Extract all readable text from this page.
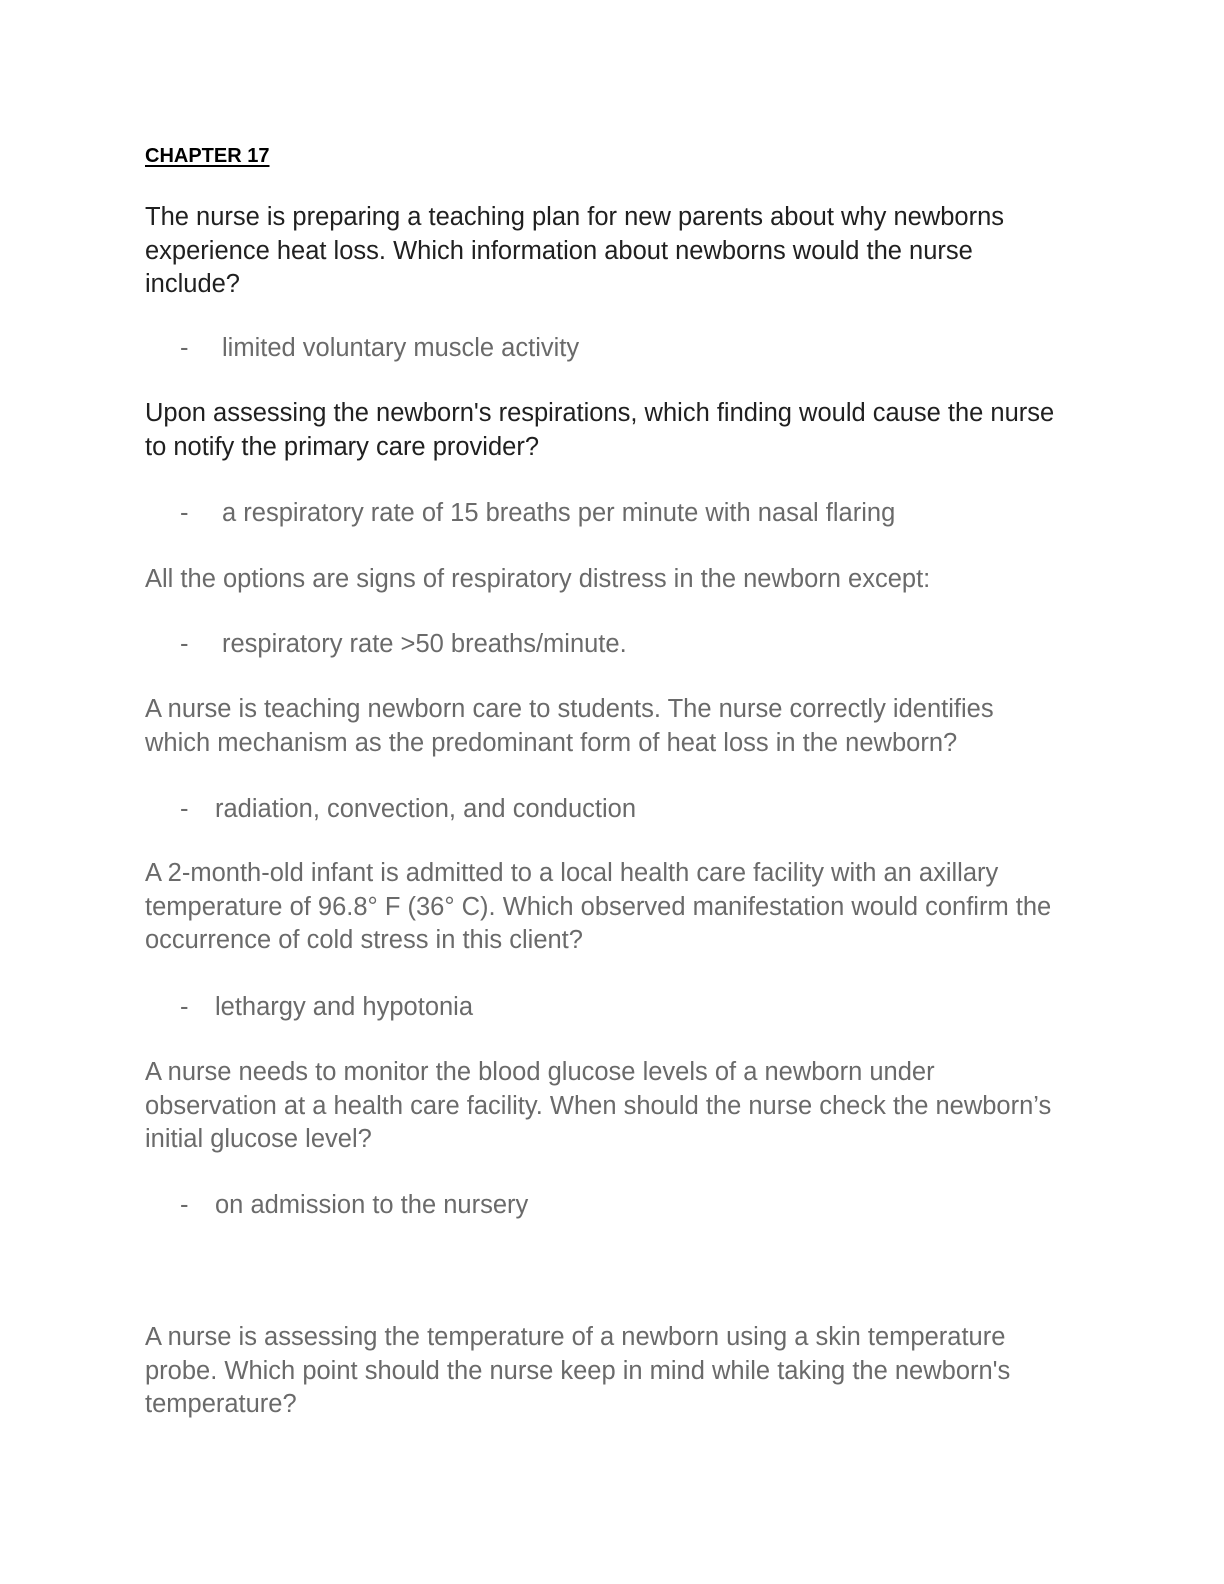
CHAPTER 17

The nurse is preparing a teaching plan for new parents about why newborns experience heat loss. Which information about newborns would the nurse include?

- limited voluntary muscle activity

Upon assessing the newborn's respirations, which finding would cause the nurse to notify the primary care provider?

- a respiratory rate of 15 breaths per minute with nasal flaring

All the options are signs of respiratory distress in the newborn except:

- respiratory rate >50 breaths/minute.

A nurse is teaching newborn care to students. The nurse correctly identifies which mechanism as the predominant form of heat loss in the newborn?

- radiation, convection, and conduction

A 2-month-old infant is admitted to a local health care facility with an axillary temperature of 96.8° F (36° C). Which observed manifestation would confirm the occurrence of cold stress in this client?

- lethargy and hypotonia

A nurse needs to monitor the blood glucose levels of a newborn under observation at a health care facility. When should the nurse check the newborn’s initial glucose level?

- on admission to the nursery

A nurse is assessing the temperature of a newborn using a skin temperature probe. Which point should the nurse keep in mind while taking the newborn's temperature?
